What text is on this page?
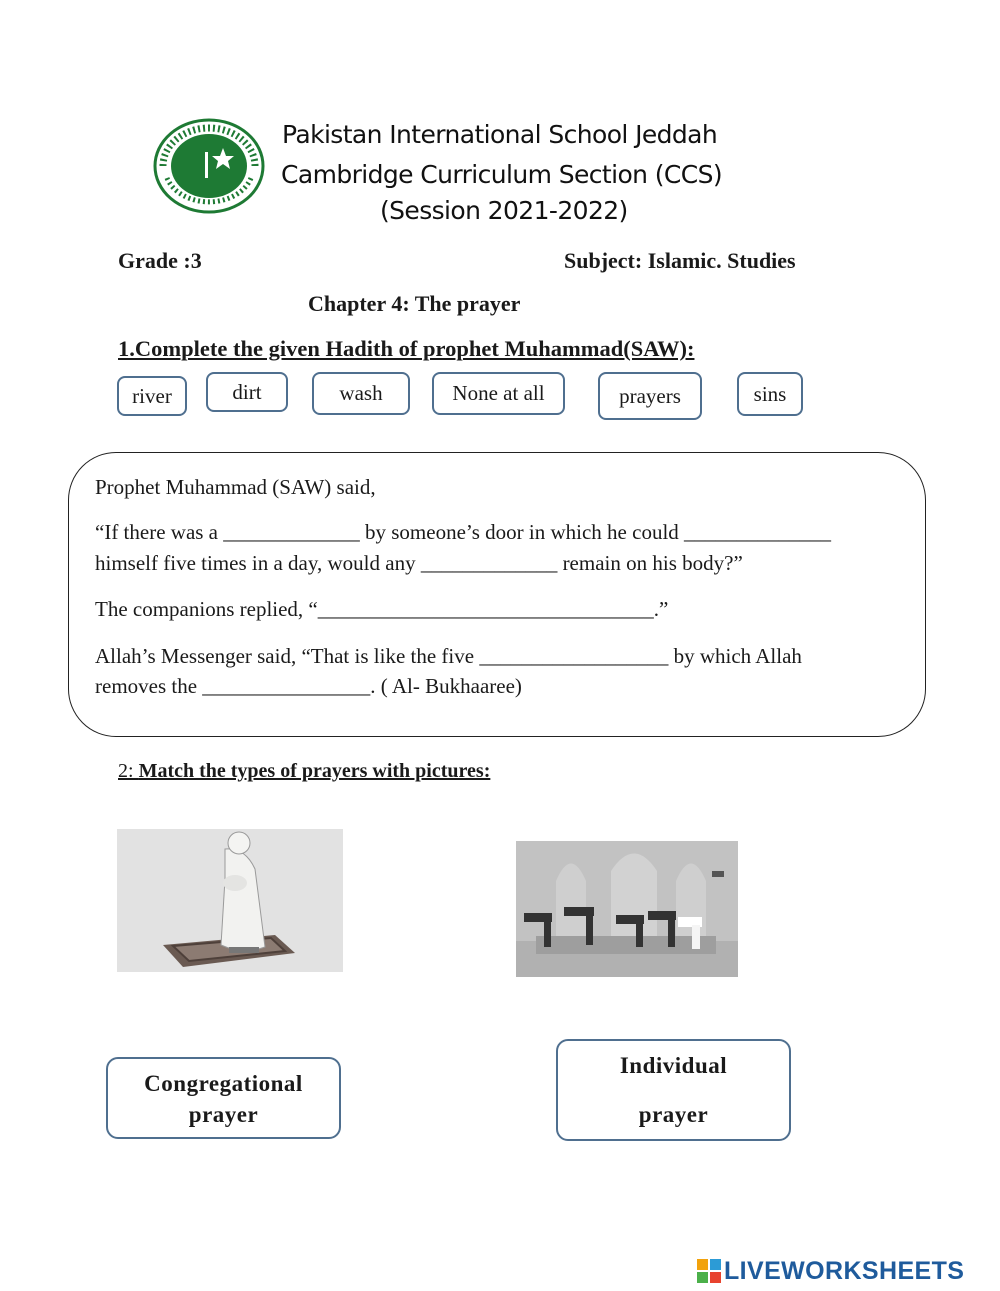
Pakistan International School Jeddah
Cambridge Curriculum Section (CCS)
(Session 2021-2022)
Grade :3	Subject: Islamic. Studies
Chapter 4: The prayer
1.Complete the given Hadith of prophet Muhammad(SAW):
river	dirt	wash	None at all	prayers	sins
Prophet Muhammad (SAW) said,
“If there was a _____________ by someone’s door in which he could ______________
himself five times in a day, would any _____________ remain on his body?”
The companions replied, “________________________________.”
Allah’s Messenger said, “That is like the five __________________ by which Allah
removes the ________________. ( Al- Bukhaaree)
2: Match the types of prayers with pictures:
Congregational
prayer
Individual
prayer
LIVEWORKSHEETS
